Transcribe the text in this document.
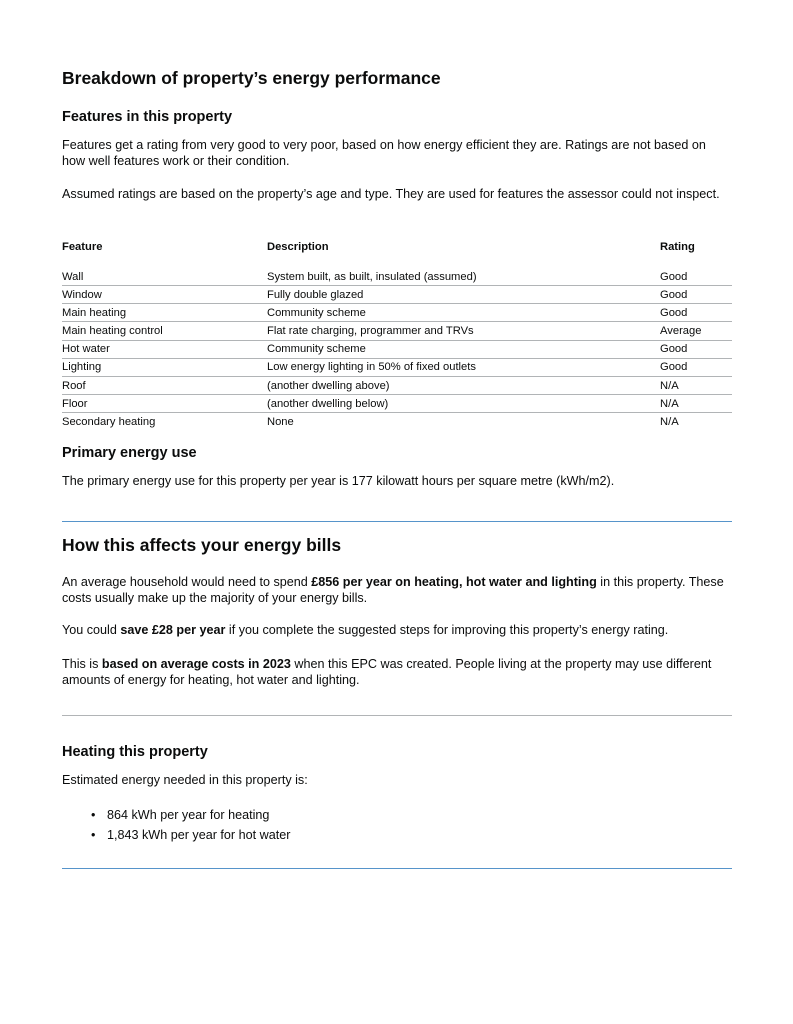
Breakdown of property’s energy performance
Features in this property

Features get a rating from very good to very poor, based on how energy efficient they are. Ratings are not based on how well features work or their condition.

Assumed ratings are based on the property’s age and type. They are used for features the assessor could not inspect.

Feature	Description	Rating
Wall	System built, as built, insulated (assumed)	Good
Window	Fully double glazed	Good
Main heating	Community scheme	Good
Main heating control	Flat rate charging, programmer and TRVs	Average
Hot water	Community scheme	Good
Lighting	Low energy lighting in 50% of fixed outlets	Good
Roof	(another dwelling above)	N/A
Floor	(another dwelling below)	N/A
Secondary heating	None	N/A
Primary energy use

The primary energy use for this property per year is 177 kilowatt hours per square metre (kWh/m2).

How this affects your energy bills

An average household would need to spend £856 per year on heating, hot water and lighting in this property. These costs usually make up the majority of your energy bills.

You could save £28 per year if you complete the suggested steps for improving this property’s energy rating.

This is based on average costs in 2023 when this EPC was created. People living at the property may use different amounts of energy for heating, hot water and lighting.

Heating this property

Estimated energy needed in this property is:

• 864 kWh per year for heating
• 1,843 kWh per year for hot water
